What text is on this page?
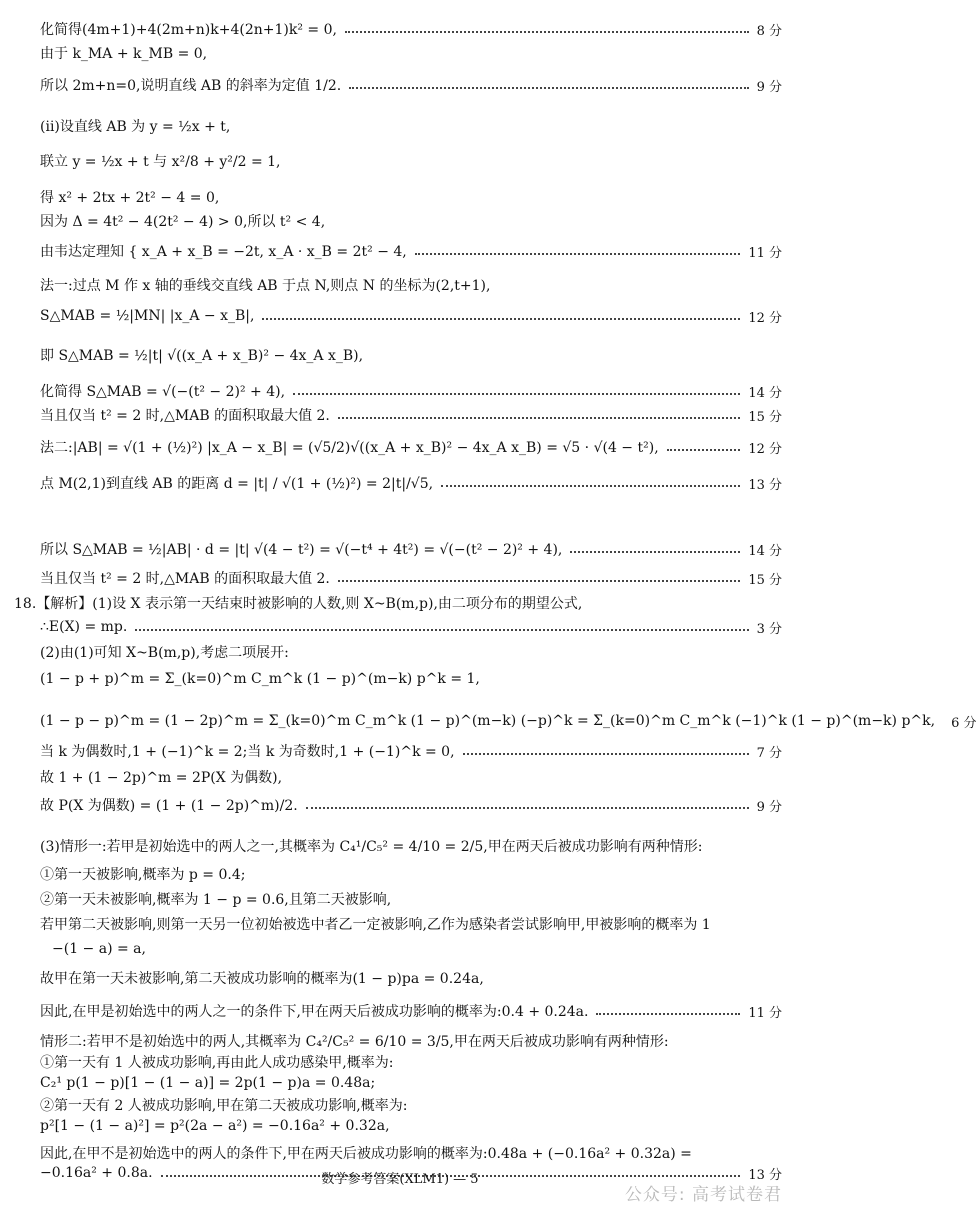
化简得(4m+1)+4(2m+n)k+4(2n+1)k² = 0,	8 分
由于 k_MA + k_MB = 0,
所以 2m+n=0,说明直线 AB 的斜率为定值 1/2.	9 分
(ⅱ)设直线 AB 为 y = ½x + t,
联立 y = ½x + t 与 x²/8 + y²/2 = 1,
得 x² + 2tx + 2t² − 4 = 0,
因为 Δ = 4t² − 4(2t² − 4) > 0,所以 t² < 4,
由韦达定理知 { x_A + x_B = −2t, x_A · x_B = 2t² − 4,	11 分
法一:过点 M 作 x 轴的垂线交直线 AB 于点 N,则点 N 的坐标为(2,t+1),
S△MAB = ½|MN| |x_A − x_B|,	12 分
即 S△MAB = ½|t| √((x_A + x_B)² − 4x_A x_B),
化简得 S△MAB = √(−(t² − 2)² + 4),	14 分
当且仅当 t² = 2 时,△MAB 的面积取最大值 2.	15 分
法二:|AB| = √(1 + (½)²) |x_A − x_B| = (√5/2)√((x_A + x_B)² − 4x_A x_B) = √5 · √(4 − t²),	12 分
点 M(2,1)到直线 AB 的距离 d = |t| / √(1 + (½)²) = 2|t|/√5,	13 分
所以 S△MAB = ½|AB| · d = |t| √(4 − t²) = √(−t⁴ + 4t²) = √(−(t² − 2)² + 4),	14 分
当且仅当 t² = 2 时,△MAB 的面积取最大值 2.	15 分
18.【解析】(1)设 X 表示第一天结束时被影响的人数,则 X~B(m,p),由二项分布的期望公式,
∴E(X) = mp.	3 分
(2)由(1)可知 X~B(m,p),考虑二项展开:
(1 − p + p)^m = Σ_(k=0)^m C_m^k (1 − p)^(m−k) p^k = 1,
(1 − p − p)^m = (1 − 2p)^m = Σ_(k=0)^m C_m^k (1 − p)^(m−k) (−p)^k = Σ_(k=0)^m C_m^k (−1)^k (1 − p)^(m−k) p^k, 6 分
当 k 为偶数时,1 + (−1)^k = 2;当 k 为奇数时,1 + (−1)^k = 0,	7 分
故 1 + (1 − 2p)^m = 2P(X 为偶数),
故 P(X 为偶数) = (1 + (1 − 2p)^m)/2.	9 分
(3)情形一:若甲是初始选中的两人之一,其概率为 C₄¹/C₅² = 4/10 = 2/5,甲在两天后被成功影响有两种情形:
①第一天被影响,概率为 p = 0.4;
②第一天未被影响,概率为 1 − p = 0.6,且第二天被影响,
若甲第二天被影响,则第一天另一位初始被选中者乙一定被影响,乙作为感染者尝试影响甲,甲被影响的概率为 1
−(1 − a) = a,
故甲在第一天未被影响,第二天被成功影响的概率为(1 − p)pa = 0.24a,
因此,在甲是初始选中的两人之一的条件下,甲在两天后被成功影响的概率为:0.4 + 0.24a.	11 分
情形二:若甲不是初始选中的两人,其概率为 C₄²/C₅² = 6/10 = 3/5,甲在两天后被成功影响有两种情形:
①第一天有 1 人被成功影响,再由此人成功感染甲,概率为:
C₂¹ p(1 − p)[1 − (1 − a)] = 2p(1 − p)a = 0.48a;
②第一天有 2 人被成功影响,甲在第二天被成功影响,概率为:
p²[1 − (1 − a)²] = p²(2a − a²) = −0.16a² + 0.32a,
因此,在甲不是初始选中的两人的条件下,甲在两天后被成功影响的概率为:0.48a + (−0.16a² + 0.32a) =
−0.16a² + 0.8a.	13 分
数学参考答案(XLM1) — 5
公众号: 高考试卷君
